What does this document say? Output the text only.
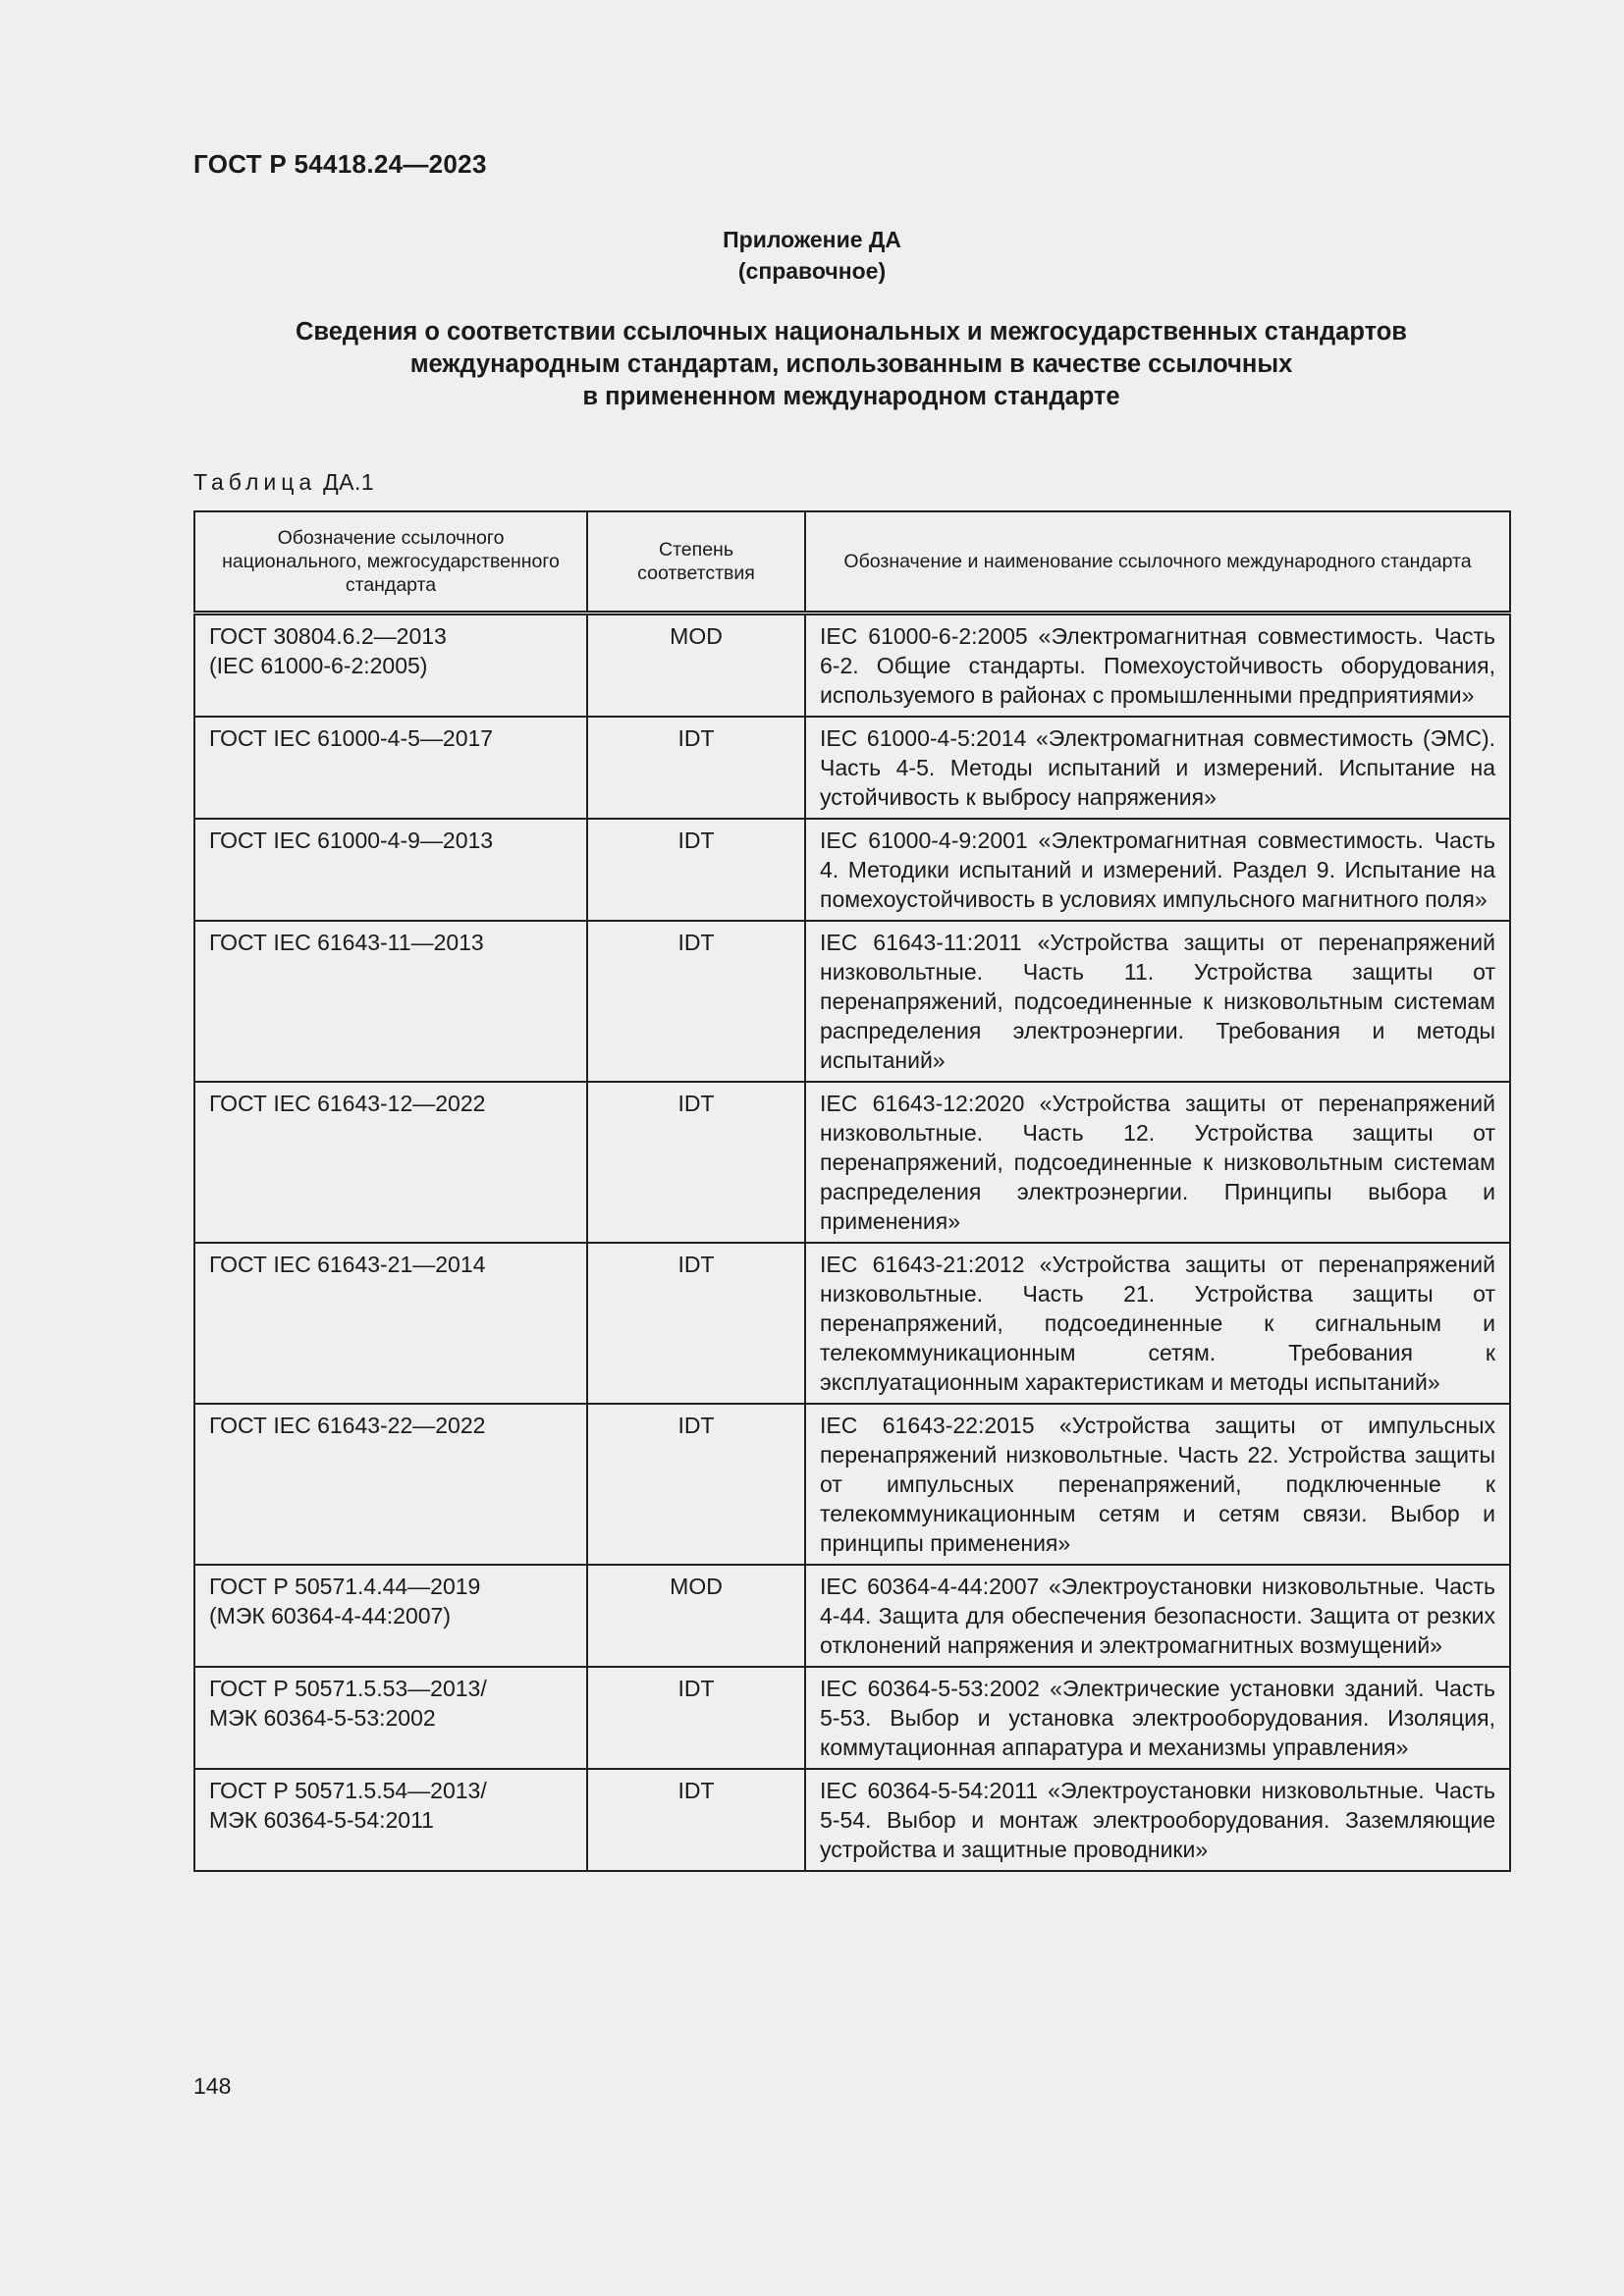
ГОСТ Р 54418.24—2023
Приложение ДА
(справочное)
Сведения о соответствии ссылочных национальных и межгосударственных стандартов
международным стандартам, использованным в качестве ссылочных
в примененном международном стандарте
Таблица ДА.1
Обозначение ссылочного национального, межгосударственного стандарта	Степень соответствия	Обозначение и наименование ссылочного международного стандарта

ГОСТ 30804.6.2—2013
(IEC 61000-6-2:2005)	MOD	IEC 61000-6-2:2005 «Электромагнитная совместимость. Часть 6-2. Общие стандарты. Помехоустойчивость оборудования, используемого в районах с промышленными предприятиями»

ГОСТ IEC 61000-4-5—2017	IDT	IEC 61000-4-5:2014 «Электромагнитная совместимость (ЭМС). Часть 4-5. Методы испытаний и измерений. Испытание на устойчивость к выбросу напряжения»

ГОСТ IEC 61000-4-9—2013	IDT	IEC 61000-4-9:2001 «Электромагнитная совместимость. Часть 4. Методики испытаний и измерений. Раздел 9. Испытание на помехоустойчивость в условиях импульсного магнитного поля»

ГОСТ IEC 61643-11—2013	IDT	IEC 61643-11:2011 «Устройства защиты от перенапряжений низковольтные. Часть 11. Устройства защиты от перенапряжений, подсоединенные к низковольтным системам распределения электроэнергии. Требования и методы испытаний»

ГОСТ IEC 61643-12—2022	IDT	IEC 61643-12:2020 «Устройства защиты от перенапряжений низковольтные. Часть 12. Устройства защиты от перенапряжений, подсоединенные к низковольтным системам распределения электроэнергии. Принципы выбора и применения»

ГОСТ IEC 61643-21—2014	IDT	IEC 61643-21:2012 «Устройства защиты от перенапряжений низковольтные. Часть 21. Устройства защиты от перенапряжений, подсоединенные к сигнальным и телекоммуникационным сетям. Требования к эксплуатационным характеристикам и методы испытаний»

ГОСТ IEC 61643-22—2022	IDT	IEC 61643-22:2015 «Устройства защиты от импульсных перенапряжений низковольтные. Часть 22. Устройства защиты от импульсных перенапряжений, подключенные к телекоммуникационным сетям и сетям связи. Выбор и принципы применения»

ГОСТ Р 50571.4.44—2019
(МЭК 60364-4-44:2007)	MOD	IEC 60364-4-44:2007 «Электроустановки низковольтные. Часть 4-44. Защита для обеспечения безопасности. Защита от резких отклонений напряжения и электромагнитных возмущений»

ГОСТ Р 50571.5.53—2013/
МЭК 60364-5-53:2002	IDT	IEC 60364-5-53:2002 «Электрические установки зданий. Часть 5-53. Выбор и установка электрооборудования. Изоляция, коммутационная аппаратура и механизмы управления»

ГОСТ Р 50571.5.54—2013/
МЭК 60364-5-54:2011	IDT	IEC 60364-5-54:2011 «Электроустановки низковольтные. Часть 5-54. Выбор и монтаж электрооборудования. Заземляющие устройства и защитные проводники»
148
